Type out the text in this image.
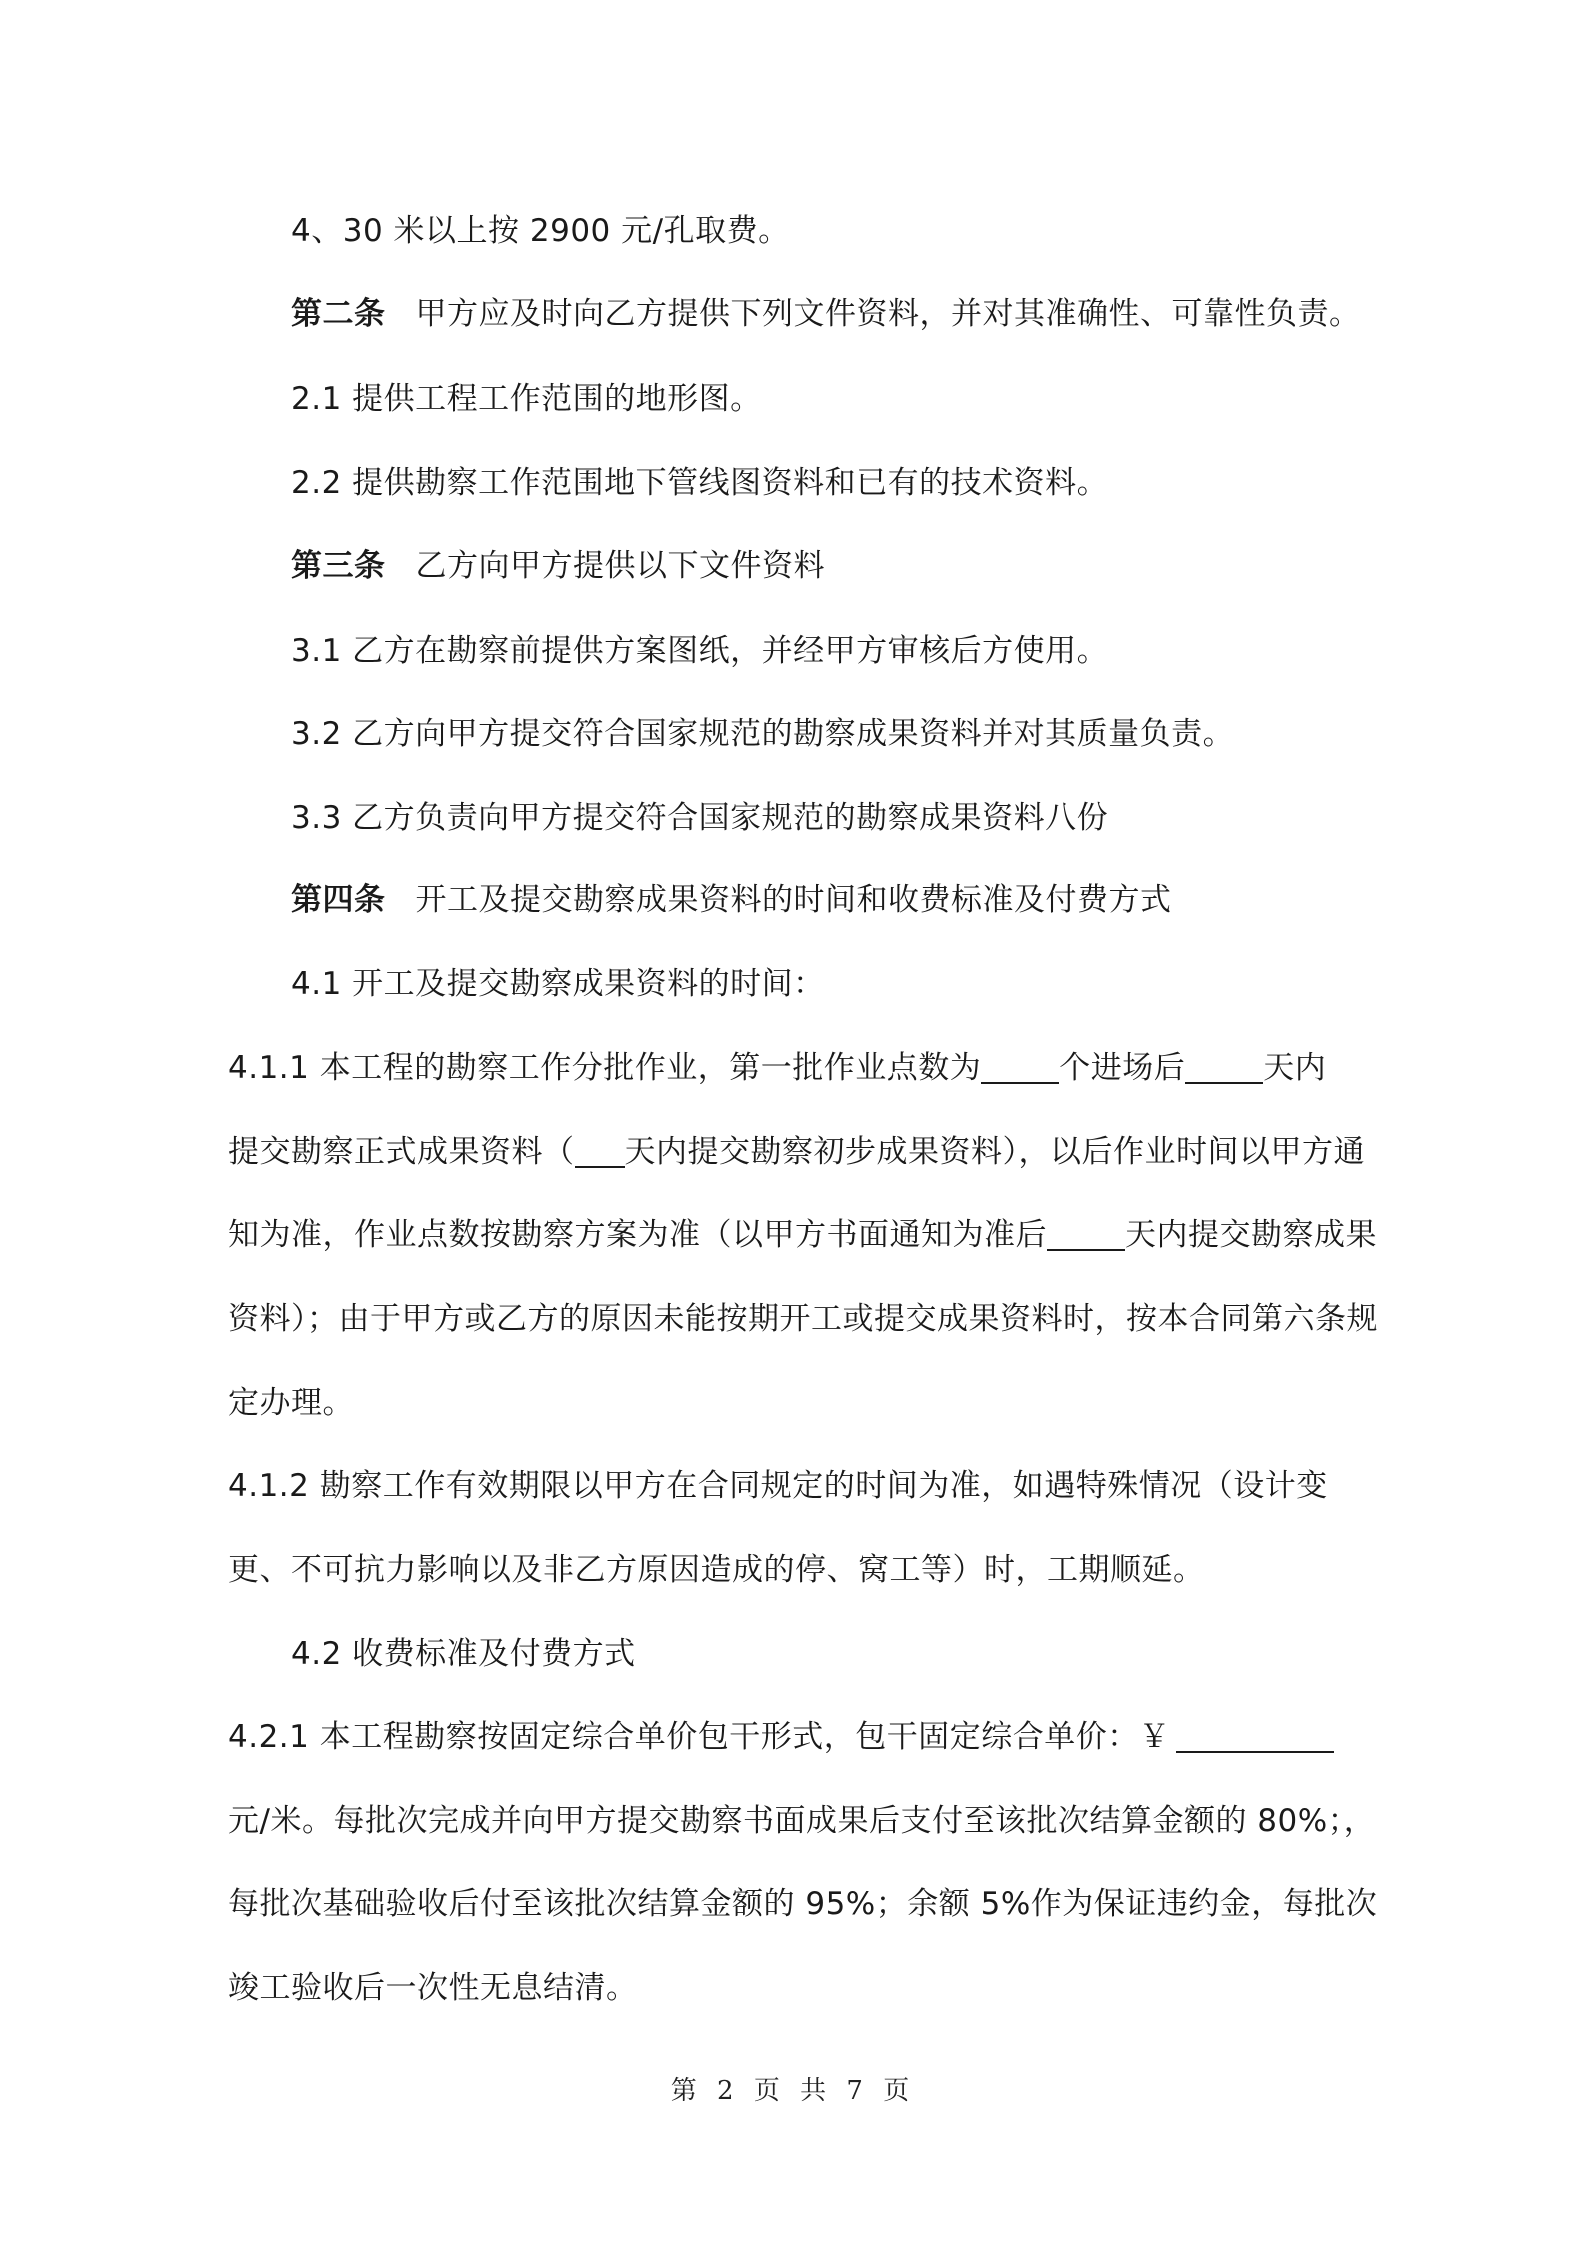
4、30 米以上按 2900 元/孔取费。
第二条 甲方应及时向乙方提供下列文件资料，并对其准确性、可靠性负责。
2.1 提供工程工作范围的地形图。
2.2 提供勘察工作范围地下管线图资料和已有的技术资料。
第三条 乙方向甲方提供以下文件资料
3.1 乙方在勘察前提供方案图纸，并经甲方审核后方使用。
3.2 乙方向甲方提交符合国家规范的勘察成果资料并对其质量负责。
3.3 乙方负责向甲方提交符合国家规范的勘察成果资料八份
第四条 开工及提交勘察成果资料的时间和收费标准及付费方式
4.1 开工及提交勘察成果资料的时间：
4.1.1 本工程的勘察工作分批作业，第一批作业点数为	个进场后	天内
提交勘察正式成果资料（ 天内提交勘察初步成果资料），以后作业时间以甲方通
知为准，作业点数按勘察方案为准（以甲方书面通知为准后	天内提交勘察成果
资料）；由于甲方或乙方的原因未能按期开工或提交成果资料时，按本合同第六条规
定办理。
4.1.2 勘察工作有效期限以甲方在合同规定的时间为准，如遇特殊情况（设计变
更、不可抗力影响以及非乙方原因造成的停、窝工等）时，工期顺延。
4.2 收费标准及付费方式
4.2.1 本工程勘察按固定综合单价包干形式，包干固定综合单价：￥
元/米。每批次完成并向甲方提交勘察书面成果后支付至该批次结算金额的 80%；，
每批次基础验收后付至该批次结算金额的 95%；余额 5%作为保证违约金，每批次
竣工验收后一次性无息结清。
第 2 页 共 7 页
